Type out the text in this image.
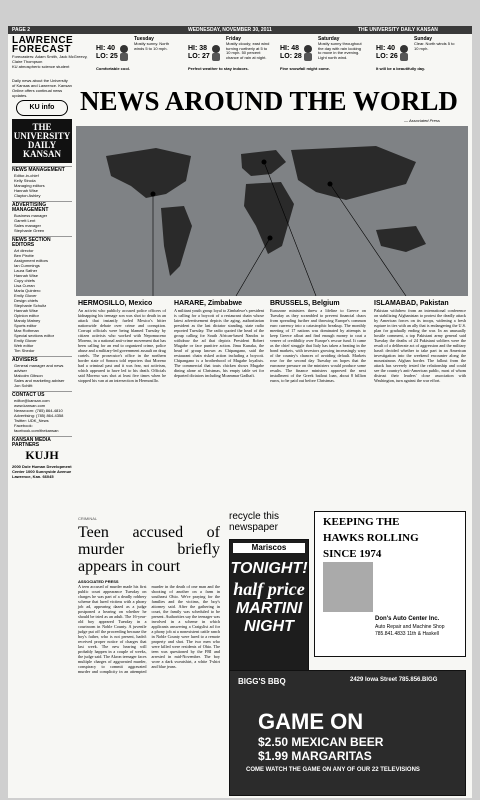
PAGE 2	WEDNESDAY, NOVEMBER 30, 2011	THE UNIVERSITY DAILY KANSAN
LAWRENCE
FORECAST
Forecasters: Adam Smith, Jack McGreevy, Claire Thompson
KU atmospheric science student
HI: 40
LO: 25
Tuesday
Mostly sunny. North winds 5 to 10 mph.
Comfortable cool.
HI: 38
LO: 27
Friday
Mostly cloudy; east wind turning northerly at 5 to 10 mph. 50 percent chance of rain at night.
Perfect weather to stay indoors.
HI: 48
LO: 28
Saturday
Mostly sunny throughout the day with rain looking to move in the evening. Light north wind.
Fine snowfall might come.
HI: 40
LO: 26
Sunday
Clear. North winds 5 to 10 mph.
It will be a beautifully day.
Daily news about the University of Kansas and Lawrence. Kansan Online offers continual news updates.
KU info
THE UNIVERSITY DAILY KANSAN
NEWS MANAGEMENT
Editor-in-chief
Kelly Stroda
Managing editors
Hannah Wise
Clayton Ashley
ADVERTISING MANAGEMENT
Business manager
Garrett Lent
Sales manager
Stephanie Green
NEWS SECTION EDITORS
Art director
Ben Pirotte
Assignment editors
Ian Cummings
Laura Sather
Hannah Wise
Copy chiefs
Lisa Curran
Marla Quintero
Emily Glover
Design chiefs
Stephanie Schultz
Hannah Wise
Opinion editor
Mandy Matney
Sports editor
Max Rothman
Special sections editor
Emily Glover
Web editor
Tim Shedor
ADVISERS
General manager and news adviser
Malcolm Gibson
Sales and marketing adviser
Jon Schlitt
CONTACT US
editor@kansan.com
www.kansan.com
Newsroom: (785) 864-4810
Advertising: (785) 864-4358
Twitter: UDK_News
Facebook: facebook.com/thekansan
KANSAN MEDIA PARTNERS
KUJH
2000 Dole Human Development Center 1000 Sunnyside Avenue Lawrence, Kan. 66045
NEWS AROUND THE WORLD
— Associated Press
HERMOSILLO, Mexico
An activist who publicly accused police officers of kidnapping his teenage son was shot to death in an attack that instantly fueled Mexico's bitter nationwide debate over crime and corruption. Corrupt officials were being blamed Tuesday by citizen activists who worked with Nepomuceno Moreno, in a national anti-crime movement that has been calling for an end to organized crime, police abuse and a military-led government assault on drug cartels. The prosecutor's office in the northern border state of Sonora told reporters that Moreno had a criminal past and it was fear, not activism, which appeared to have led to his death. Officials said Moreno was shot at least five times when he stopped his van at an intersection in Hermosillo.
HARARE, Zimbabwe
A militant youth group loyal to Zimbabwe's president is calling for a boycott of a restaurant chain whose latest advertisement depicts the aging, authoritarian president as the last dictator standing, state radio reported Tuesday. The radio quoted the head of the group calling for South African-based Nandos to withdraw the ad that depicts President Robert Mugabe or face punitive action. Jimu Kunaka, the head of group known as Chipangano, said the restaurant chain risked action including a boycott. Chipangano is a brotherhood of Mugabe loyalists. The commercial that touts chicken shows Mugabe dining alone at Christmas, his empty table set for departed dictators including Moammar Gadhafi.
BRUSSELS, Belgium
Eurozone ministers threw a lifeline to Greece on Tuesday as they scrambled to prevent financial chaos from spreading further and throwing Europe's common euro currency into a catastrophic breakup. The monthly meeting of 17 nations was dominated by attempts to keep Greece afloat and find enough money to coat a veneer of credibility over Europe's rescue fund. It came as the chief struggle that Italy has taken a beating in the bond markets, with investors growing increasingly wary of the country's chances of avoiding default. Markets rose for the second day Tuesday on hopes that the eurozone pressure on the ministers would produce some results. The finance ministers approved the next installment of the Greek bailout loan, about 8 billion euros, to be paid out before Christmas.
ISLAMABAD, Pakistan
Pakistan withdrew from an international conference on stabilizing Afghanistan to protest the deadly attack by American forces on its troops, widening a fresh rupture in ties with an ally that is endangering the U.S. plan for gradually ending the war. In an unusually hostile comment, a top Pakistani army general said Tuesday the deaths of 24 Pakistani soldiers were the result of a deliberate act of aggression and the military hasn't decided whether to take part in an American investigation into the weekend encounter along the mountainous Afghan border. The fallout from the attack has severely tested the relationship and could see the country's anti-American public, most of whom distrust their leaders' close association with Washington, turn against the war effort.
CRIMINAL
Teen accused of murder briefly appears in court
ASSOCIATED PRESS
A teen accused of murder made his first public court appearance Tuesday on charges he was part of a deadly robbery scheme that lured victims with a phony job ad, appearing dazed as a judge postponed a hearing on whether he should be tried as an adult. The 16-year-old boy appeared Tuesday in a courtroom in Noble County. A juvenile judge put off the proceeding because the boy's father, who is not present, hadn't received proper notice of charges that last week. The new hearing will probably happen in a couple of weeks, the judge said. The Akron teenager faces multiple charges of aggravated murder, conspiracy to commit aggravated murder and complicity in an attempted murder in the death of one man and the shooting of another on a farm in southeast Ohio. We're praying for the families and the victims, the boy's attorney said. After the gathering in court, the family was scheduled to be present. Authorities say the teenager was involved in a scheme in which applicants answering a Craigslist ad for a phony job at a nonexistent cattle ranch in Noble County were lured to a remote property and shot. The two men who were killed were residents of Ohio. The teen was questioned by the FBI and arrested in mid-November. The boy wore a dark sweatshirt, a white T-shirt and blue jeans.
recycle this newspaper
Mariscos
TONIGHT!
half price
MARTINI
NIGHT
KEEPING THE
HAWKS ROLLING
SINCE 1974
Don's Auto Center Inc.
Auto Repair and Machine Shop
785.841.4833 11th & Haskell
BIGG'S BBQ	2429 Iowa Street 785.856.BIGG
GAME ON
$2.50 MEXICAN BEER
$1.99 MARGARITAS
COME WATCH THE GAME ON ANY OF OUR 22 TELEVISIONS
